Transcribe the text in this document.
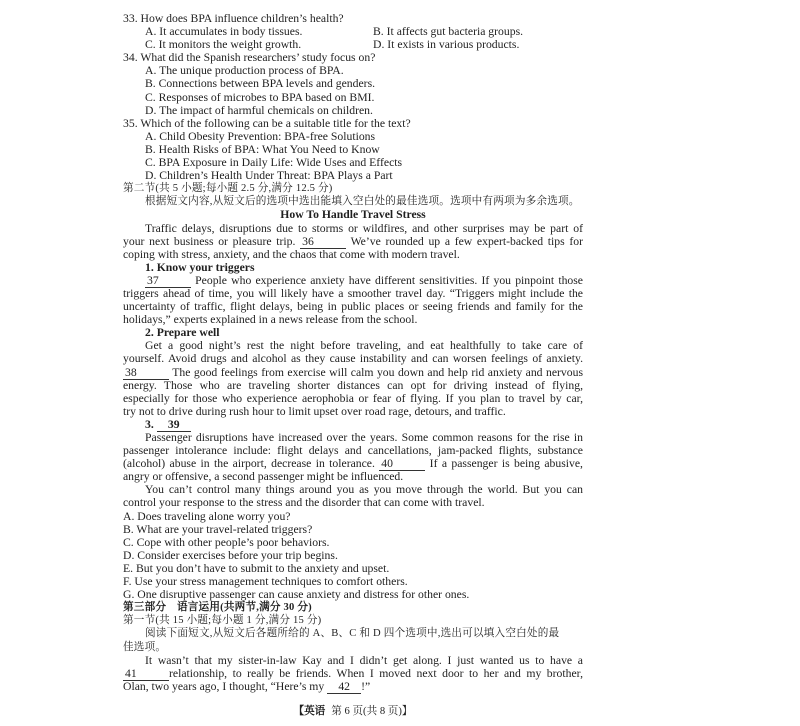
33. How does BPA influence children’s health?
A. It accumulates in body tissues.	B. It affects gut bacteria groups.
C. It monitors the weight growth.	D. It exists in various products.
34. What did the Spanish researchers’ study focus on?
A. The unique production process of BPA.
B. Connections between BPA levels and genders.
C. Responses of microbes to BPA based on BMI.
D. The impact of harmful chemicals on children.
35. Which of the following can be a suitable title for the text?
A. Child Obesity Prevention: BPA-free Solutions
B. Health Risks of BPA: What You Need to Know
C. BPA Exposure in Daily Life: Wide Uses and Effects
D. Children’s Health Under Threat: BPA Plays a Part
第二节(共 5 小题;每小题 2.5 分,满分 12.5 分)
根据短文内容,从短文后的选项中选出能填入空白处的最佳选项。选项中有两项为多余选项。
How To Handle Travel Stress
Traffic delays, disruptions due to storms or wildfires, and other surprises may be part of
your next business or pleasure trip. 36	We’ve rounded up a few expert-backed tips for
coping with stress, anxiety, and the chaos that come with modern travel.
1. Know your triggers
37	People who experience anxiety have different sensitivities. If you pinpoint those
triggers ahead of time, you will likely have a smoother travel day. “Triggers might include the
uncertainty of traffic, flight delays, being in public places or seeing friends and family for the
holidays,” experts explained in a news release from the school.
2. Prepare well
Get a good night’s rest the night before traveling, and eat healthfully to take care of
yourself. Avoid drugs and alcohol as they cause instability and can worsen feelings of anxiety.
38	The good feelings from exercise will calm you down and help rid anxiety and nervous
energy. Those who are traveling shorter distances can opt for driving instead of flying,
especially for those who experience aerophobia or fear of flying. If you plan to travel by car,
try not to drive during rush hour to limit upset over road rage, detours, and traffic.
3. 39
Passenger disruptions have increased over the years. Some common reasons for the rise in
passenger intolerance include: flight delays and cancellations, jam-packed flights, substance
(alcohol) abuse in the airport, decrease in tolerance. 40	If a passenger is being abusive,
angry or offensive, a second passenger might be influenced.
You can’t control many things around you as you move through the world. But you can
control your response to the stress and the disorder that can come with travel.
A. Does traveling alone worry you?
B. What are your travel-related triggers?
C. Cope with other people’s poor behaviors.
D. Consider exercises before your trip begins.
E. But you don’t have to submit to the anxiety and upset.
F. Use your stress management techniques to comfort others.
G. One disruptive passenger can cause anxiety and distress for other ones.
第三部分　语言运用(共两节,满分 30 分)
第一节(共 15 小题;每小题 1 分,满分 15 分)
阅读下面短文,从短文后各题所给的 A、B、C 和 D 四个选项中,选出可以填入空白处的最
佳选项。
It wasn’t that my sister-in-law Kay and I didn’t get along. I just wanted us to have a
41	relationship, to really be friends. When I moved next door to her and my brother,
Olan, two years ago, I thought, “Here’s my 42 !”
【英语 第 6 页(共 8 页)】
